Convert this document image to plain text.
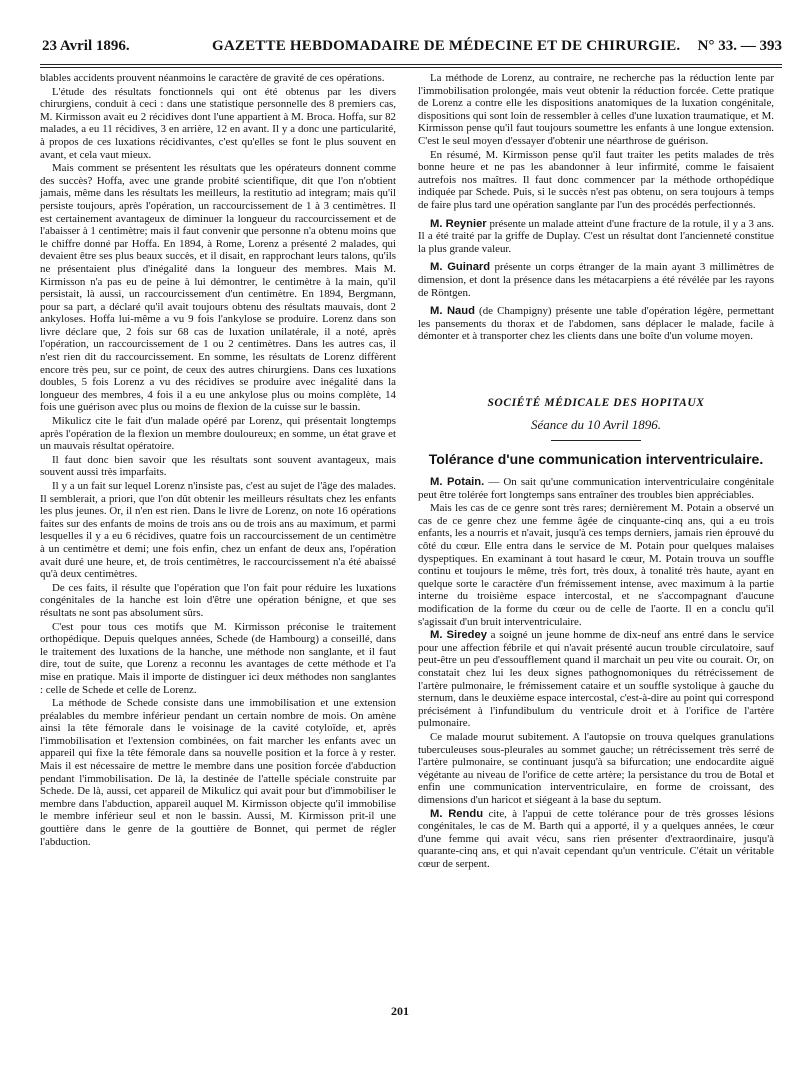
23 Avril 1896.	GAZETTE HEBDOMADAIRE DE MÉDECINE ET DE CHIRURGIE. N° 33. — 393

blables accidents prouvent néanmoins le caractère de gravité de ces opérations.

L'étude des résultats fonctionnels qui ont été obtenus par les divers chirurgiens, conduit à ceci : dans une statistique personnelle des 8 premiers cas, M. Kirmisson avait eu 2 récidives dont l'une appartient à M. Broca. Hoffa, sur 82 malades, a eu 11 récidives, 3 en arrière, 12 en avant. Il y a donc une particularité, à propos de ces luxations récidivantes, c'est qu'elles se font le plus souvent en avant, et cela vaut mieux.

Mais comment se présentent les résultats que les opérateurs donnent comme des succès? Hoffa, avec une grande probité scientifique, dit que l'on n'obtient jamais, même dans les résultats les meilleurs, la restitutio ad integram; mais qu'il persiste toujours, après l'opération, un raccourcissement de 1 à 3 centimètres. Il est certainement avantageux de diminuer la longueur du raccourcissement et de l'abaisser à 1 centimètre; mais il faut convenir que personne n'a obtenu moins que le chiffre donné par Hoffa. En 1894, à Rome, Lorenz a présenté 2 malades, qui devaient être ses plus beaux succès, et il disait, en rapprochant leurs talons, qu'ils ne présentaient plus d'inégalité dans la longueur des membres. Mais M. Kirmisson n'a pas eu de peine à lui démontrer, le centimètre à la main, qu'il persistait, là aussi, un raccourcissement d'un centimètre. En 1894, Bergmann, pour sa part, a déclaré qu'il avait toujours obtenu des résultats mauvais, dont 2 ankyloses. Hoffa lui-même a vu 9 fois l'ankylose se produire. Lorenz dans son livre déclare que, 2 fois sur 68 cas de luxation unilatérale, il a noté, après l'opération, un raccourcissement de 1 ou 2 centimètres. Dans les autres cas, il n'est rien dit du raccourcissement. En somme, les résultats de Lorenz diffèrent encore très peu, sur ce point, de ceux des autres chirurgiens. Dans ces luxations doubles, 5 fois Lorenz a vu des récidives se produire avec inégalité dans la longueur des membres, 4 fois il a eu une ankylose plus ou moins complète, 14 fois une guérison avec plus ou moins de flexion de la cuisse sur le bassin.

Mikulicz cite le fait d'un malade opéré par Lorenz, qui présentait longtemps après l'opération de la flexion un membre douloureux; en somme, un état grave et un mauvais résultat opératoire.

Il faut donc bien savoir que les résultats sont souvent avantageux, mais souvent aussi très imparfaits.

Il y a un fait sur lequel Lorenz n'insiste pas, c'est au sujet de l'âge des malades. Il semblerait, a priori, que l'on dût obtenir les meilleurs résultats chez les enfants les plus jeunes. Or, il n'en est rien. Dans le livre de Lorenz, on note 16 opérations faites sur des enfants de moins de trois ans ou de trois ans au maximum, et parmi lesquelles il y a eu 6 récidives, quatre fois un raccourcissement de un centimètre à un centimètre et demi; une fois enfin, chez un enfant de deux ans, l'opération avait duré une heure, et, de trois centimètres, le raccourcissement n'a été abaissé qu'à deux centimètres.

De ces faits, il résulte que l'opération que l'on fait pour réduire les luxations congénitales de la hanche est loin d'être une opération bénigne, et que ses résultats ne sont pas absolument sûrs.

C'est pour tous ces motifs que M. Kirmisson préconise le traitement orthopédique. Depuis quelques années, Schede (de Hambourg) a conseillé, dans le traitement des luxations de la hanche, une méthode non sanglante, et il faut dire, tout de suite, que Lorenz a reconnu les avantages de cette méthode et l'a mise en pratique. Mais il importe de distinguer ici deux méthodes non sanglantes : celle de Schede et celle de Lorenz.

La méthode de Schede consiste dans une immobilisation et une extension préalables du membre inférieur pendant un certain nombre de mois. On amène ainsi la tête fémorale dans le voisinage de la cavité cotyloïde, et, après l'immobilisation et l'extension combinées, on fait marcher les enfants avec un appareil qui fixe la tête fémorale dans sa nouvelle position et la force à y rester. Mais il est nécessaire de mettre le membre dans une position forcée d'abduction pendant l'immobilisation. De là, la destinée de l'attelle spéciale construite par Schede. De là, aussi, cet appareil de Mikulicz qui avait pour but d'immobiliser le membre dans l'abduction, appareil auquel M. Kirmisson objecte qu'il immobilise le membre inférieur seul et non le bassin. Aussi, M. Kirmisson prit-il une gouttière dans le genre de la gouttière de Bonnet, qui permet de régler l'abduction.

La méthode de Lorenz, au contraire, ne recherche pas la réduction lente par l'immobilisation prolongée, mais veut obtenir la réduction forcée. Cette pratique de Lorenz a contre elle les dispositions anatomiques de la luxation congénitale, dispositions qui sont loin de ressembler à celles d'une luxation traumatique, et M. Kirmisson pense qu'il faut toujours soumettre les enfants à une longue extension. C'est le seul moyen d'essayer d'obtenir une néarthrose de guérison.

En résumé, M. Kirmisson pense qu'il faut traiter les petits malades de très bonne heure et ne pas les abandonner à leur infirmité, comme le faisaient autrefois nos maîtres. Il faut donc commencer par la méthode orthopédique indiquée par Schede. Puis, si le succès n'est pas obtenu, on sera toujours à temps de faire plus tard une opération sanglante par l'un des procédés perfectionnés.

M. Reynier présente un malade atteint d'une fracture de la rotule, il y a 3 ans. Il a été traité par la griffe de Duplay. C'est un résultat dont l'ancienneté constitue la plus grande valeur.

M. Guinard présente un corps étranger de la main ayant 3 millimètres de dimension, et dont la présence dans les métacarpiens a été révélée par les rayons de Röntgen.

M. Naud (de Champigny) présente une table d'opération légère, permettant les pansements du thorax et de l'abdomen, sans déplacer le malade, facile à démonter et à transporter chez les clients dans une boîte d'un volume moyen.

SOCIÉTÉ MÉDICALE DES HOPITAUX
Séance du 10 Avril 1896.
Tolérance d'une communication interventriculaire.

M. Potain. — On sait qu'une communication interventriculaire congénitale peut être tolérée fort longtemps sans entraîner des troubles bien appréciables.

Mais les cas de ce genre sont très rares; dernièrement M. Potain a observé un cas de ce genre chez une femme âgée de cinquante-cinq ans, qui a eu trois enfants, les a nourris et n'avait, jusqu'à ces temps derniers, jamais rien éprouvé du côté du cœur. Elle entra dans le service de M. Potain pour quelques malaises dyspeptiques. En examinant à tout hasard le cœur, M. Potain trouva un souffle continu et toujours le même, très fort, très doux, à tonalité très haute, ayant en quelque sorte le caractère d'un frémissement intense, avec maximum à la partie interne du troisième espace intercostal, et ne s'accompagnant d'aucune modification de la forme du cœur ou de celle de l'aorte. Il en a conclu qu'il s'agissait d'un bruit interventriculaire.

M. Siredey a soigné un jeune homme de dix-neuf ans entré dans le service pour une affection fébrile et qui n'avait présenté aucun trouble circulatoire, sauf peut-être un peu d'essoufflement quand il marchait un peu vite ou courait. Or, on constatait chez lui les deux signes pathognomoniques du rétrécissement de l'artère pulmonaire, le frémissement cataire et un souffle systolique à gauche du sternum, dans le deuxième espace intercostal, c'est-à-dire au point qui correspond précisément à l'infundibulum du ventricule droit et à l'orifice de l'artère pulmonaire.

Ce malade mourut subitement. A l'autopsie on trouva quelques granulations tuberculeuses sous-pleurales au sommet gauche; un rétrécissement très serré de l'artère pulmonaire, se continuant jusqu'à sa bifurcation; une endocardite aiguë végétante au niveau de l'orifice de cette artère; la persistance du trou de Botal et enfin une communication interventriculaire, en forme de croissant, des dimensions d'un haricot et siégeant à la base du septum.

M. Rendu cite, à l'appui de cette tolérance pour de très grosses lésions congénitales, le cas de M. Barth qui a apporté, il y a quelques années, le cœur d'une femme qui avait vécu, sans rien présenter d'extraordinaire, jusqu'à quarante-cinq ans, et qui n'avait cependant qu'un ventricule. C'était un véritable cœur de serpent.

201
